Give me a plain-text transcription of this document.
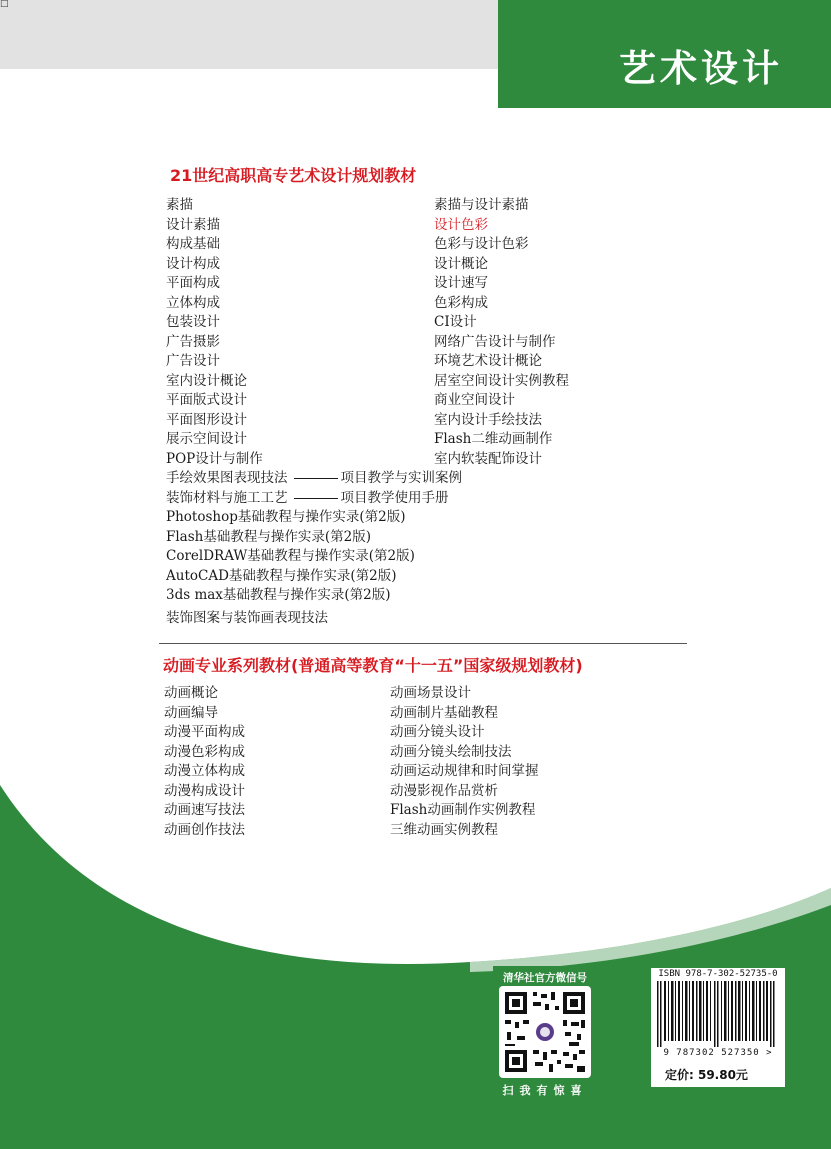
□
艺术设计
21世纪高职高专艺术设计规划教材
素描
设计素描
构成基础
设计构成
平面构成
立体构成
包装设计
广告摄影
广告设计
室内设计概论
平面版式设计
平面图形设计
展示空间设计
POP设计与制作
手绘效果图表现技法	项目教学与实训案例
装饰材料与施工工艺	项目教学使用手册
Photoshop基础教程与操作实录(第2版)
Flash基础教程与操作实录(第2版)
CorelDRAW基础教程与操作实录(第2版)
AutoCAD基础教程与操作实录(第2版)
3ds max基础教程与操作实录(第2版)
装饰图案与装饰画表现技法
素描与设计素描
设计色彩
色彩与设计色彩
设计概论
设计速写
色彩构成
CI设计
网络广告设计与制作
环境艺术设计概论
居室空间设计实例教程
商业空间设计
室内设计手绘技法
Flash二维动画制作
室内软装配饰设计
动画专业系列教材(普通高等教育“十一五”国家级规划教材)
动画概论
动画编导
动漫平面构成
动漫色彩构成
动漫立体构成
动漫构成设计
动画速写技法
动画创作技法
动画场景设计
动画制片基础教程
动画分镜头设计
动画分镜头绘制技法
动画运动规律和时间掌握
动漫影视作品赏析
Flash动画制作实例教程
三维动画实例教程
清华社官方微信号
扫我有惊喜
ISBN 978-7-302-52735-0
9 787302 527350 >
定价: 59.80元
